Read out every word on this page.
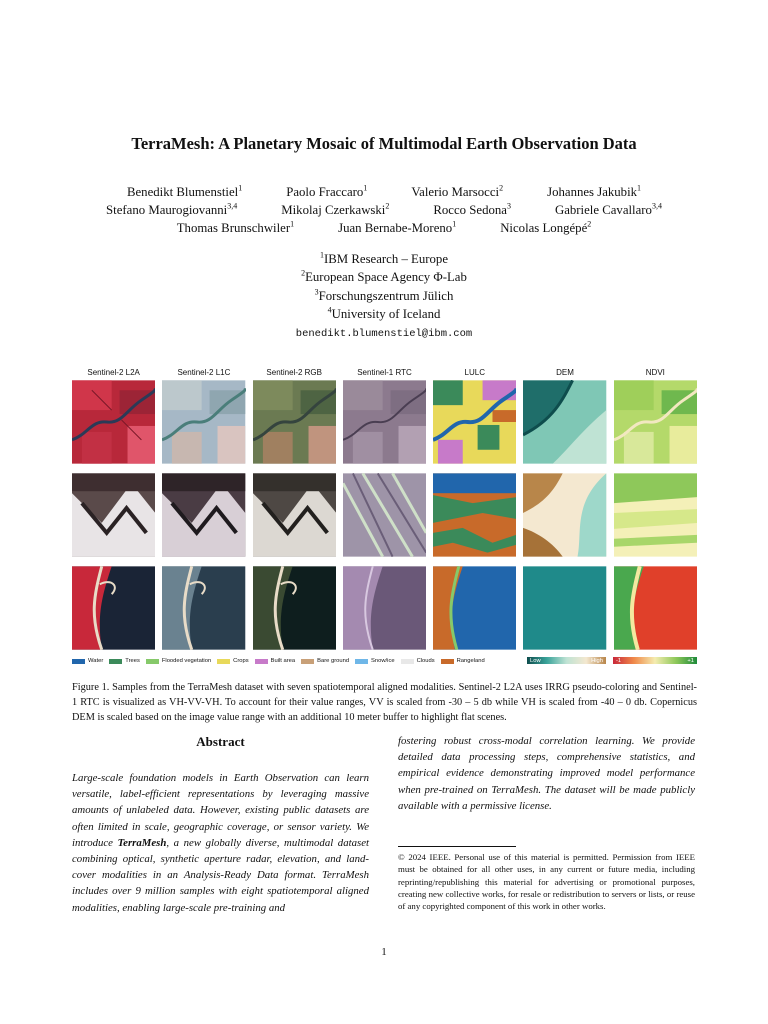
TerraMesh: A Planetary Mosaic of Multimodal Earth Observation Data
Benedikt Blumenstiel$^1$	Paolo Fraccaro$^1$	Valerio Marsocci$^2$	Johannes Jakubik$^1$
Stefano Maurogiovanni$^{3,4}$	Mikolaj Czerkawski$^2$	Rocco Sedona$^3$	Gabriele Cavallaro$^{3,4}$
Thomas Brunschwiler$^1$	Juan Bernabe-Moreno$^1$	Nicolas Longépé$^2$
$^1$IBM Research – Europe
$^2$European Space Agency Φ-Lab
$^3$Forschungszentrum Jülich
$^4$University of Iceland
benedikt.blumenstiel@ibm.com
Sentinel-2 L2A	Sentinel-2 L1C	Sentinel-2 RGB	Sentinel-1 RTC	LULC	DEM	NDVI
Water	Trees	Flooded vegetation	Crops	Built area	Bare ground	Snow/ice	Clouds	Rangeland	Low	High -1	+1
Figure 1. Samples from the TerraMesh dataset with seven spatiotemporal aligned modalities. Sentinel-2 L2A uses IRRG pseudo-coloring and Sentinel-1 RTC is visualized as VH-VV-VH. To account for their value ranges, VV is scaled from -30 – 5 db while VH is scaled from -40 – 0 db. Copernicus DEM is scaled based on the image value range with an additional 10 meter buffer to highlight flat scenes.
Abstract

Large-scale foundation models in Earth Observation can learn versatile, label-efficient representations by leveraging massive amounts of unlabeled data. However, existing public datasets are often limited in scale, geographic coverage, or sensor variety. We introduce TerraMesh, a new globally diverse, multimodal dataset combining optical, synthetic aperture radar, elevation, and land-cover modalities in an Analysis-Ready Data format. TerraMesh includes over 9 million samples with eight spatiotemporal aligned modalities, enabling large-scale pre-training and

fostering robust cross-modal correlation learning. We provide detailed data processing steps, comprehensive statistics, and empirical evidence demonstrating improved model performance when pre-trained on TerraMesh. The dataset will be made publicly available with a permissive license.

© 2024 IEEE. Personal use of this material is permitted. Permission from IEEE must be obtained for all other uses, in any current or future media, including reprinting/republishing this material for advertising or promotional purposes, creating new collective works, for resale or redistribution to servers or lists, or reuse of any copyrighted component of this work in other works.
1
